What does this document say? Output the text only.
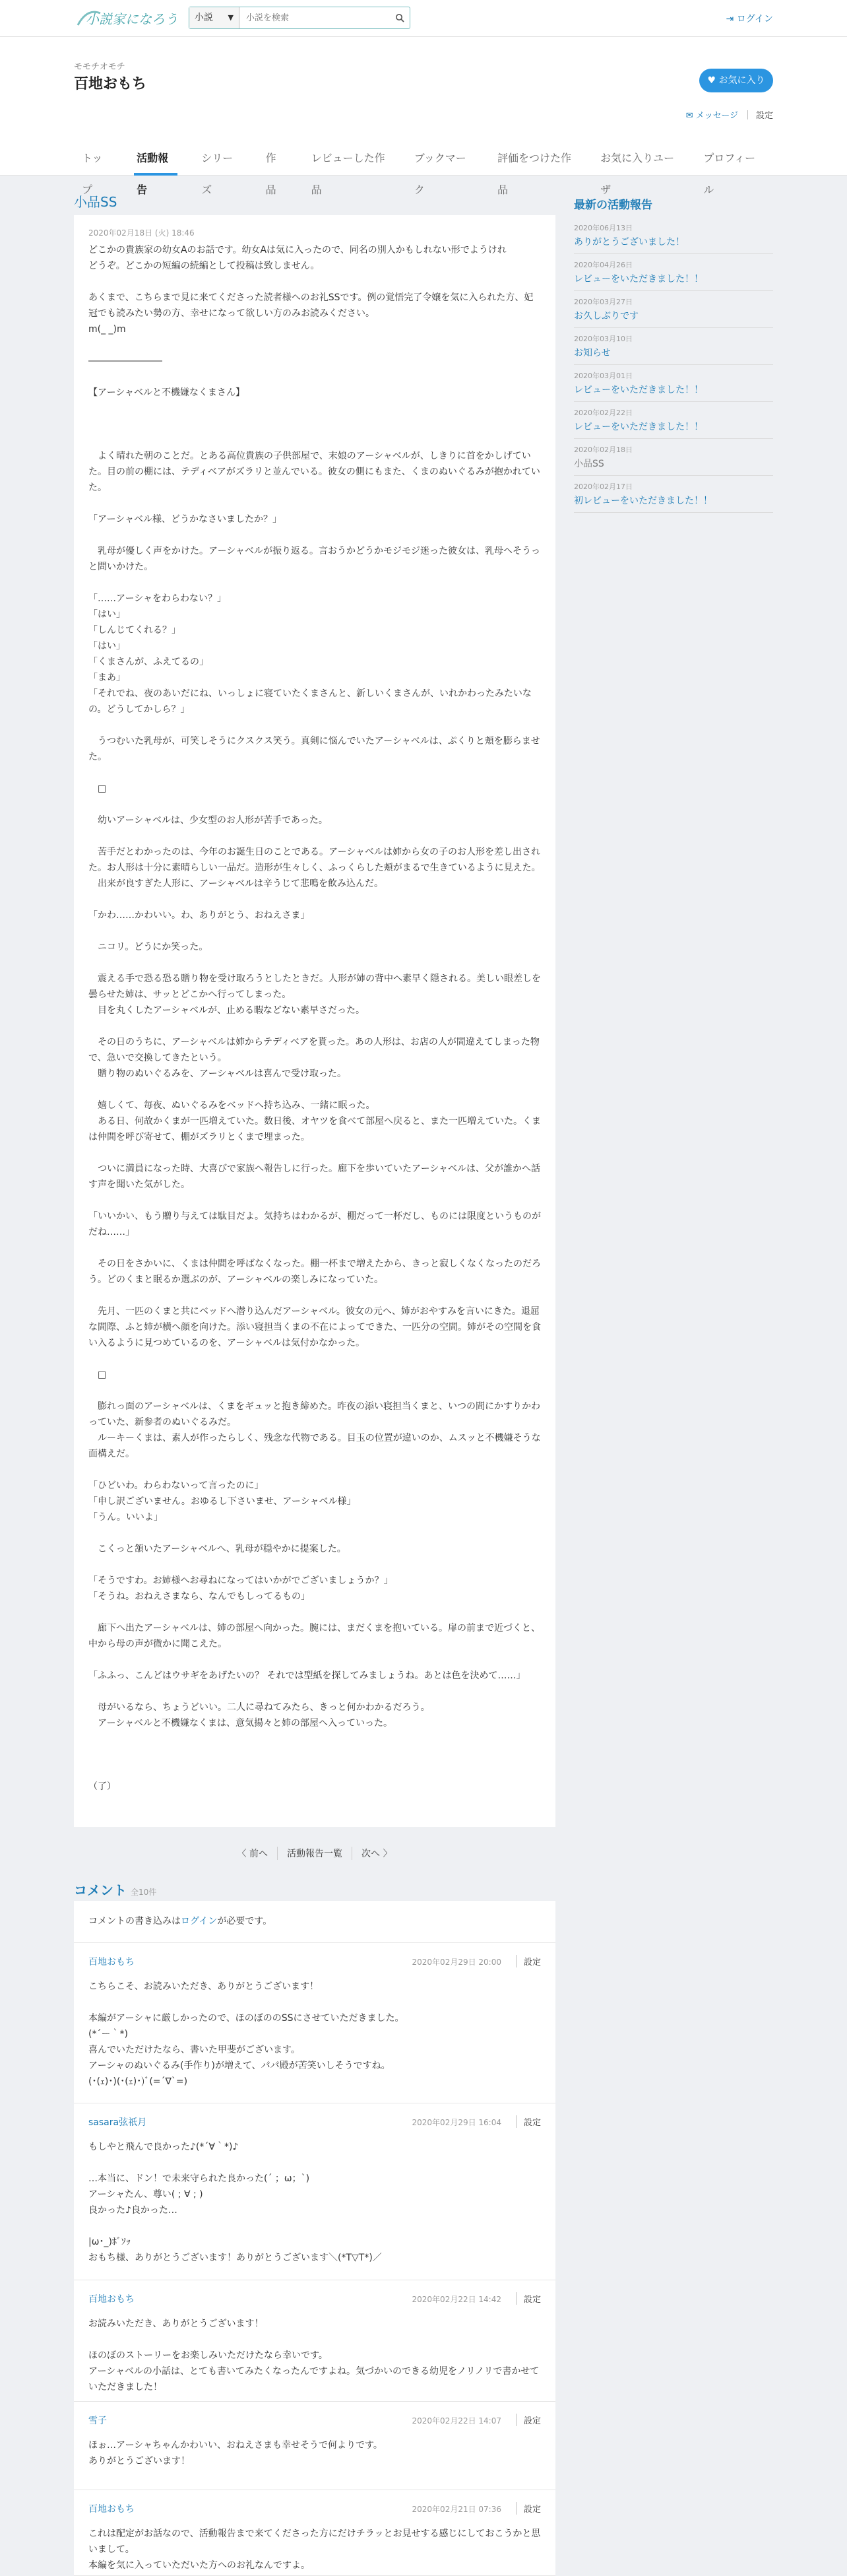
小説家になろう	小説 ▼
小説を検索	⇥ ログイン
モモチオモチ
百地おもち	♥ お気に入り
✉ メッセージ 設定
トップ
活動報告
シリーズ
作品
レビューした作品
ブックマーク
評価をつけた作品
お気に入りユーザ
プロフィール
小品SS
2020年02月18日 (火) 18:46
どこかの貴族家の幼女Aのお話です。幼女Aは気に入ったので、同名の別人かもしれない形でようけれ
どうぞ。どこかの短編の続編として投稿は致しません。

あくまで、こちらまで見に来てくださった読者様へのお礼SSです。例の覚悟完了令嬢を気に入られた方、妃冠でも読みたい勢の方、幸せになって欲しい方のみお読みください。
m(_ _)m

――――――――

【アーシャベルと不機嫌なくまさん】

　よく晴れた朝のことだ。とある高位貴族の子供部屋で、末娘のアーシャベルが、しきりに首をかしげていた。目の前の棚には、テディベアがズラリと並んでいる。彼女の側にもまた、くまのぬいぐるみが抱かれていた。

「アーシャベル様、どうかなさいましたか？」

　乳母が優しく声をかけた。アーシャベルが振り返る。言おうかどうかモジモジ迷った彼女は、乳母へそうっと問いかけた。

「……アーシャをわらわない？」
「はい」
「しんじてくれる？」
「はい」
「くまさんが、ふえてるの」
「まあ」
「それでね、夜のあいだにね、いっしょに寝ていたくまさんと、新しいくまさんが、いれかわったみたいなの。どうしてかしら？」

　うつむいた乳母が、可笑しそうにクスクス笑う。真剣に悩んでいたアーシャベルは、ぷくりと頬を膨らませた。

　□

　幼いアーシャベルは、少女型のお人形が苦手であった。

　苦手だとわかったのは、今年のお誕生日のことである。アーシャベルは姉から女の子のお人形を差し出された。お人形は十分に素晴らしい一品だ。造形が生々しく、ふっくらした頬がまるで生きているように見えた。
　出来が良すぎた人形に、アーシャベルは辛うじて悲鳴を飲み込んだ。

「かわ……かわいい。わ、ありがとう、おねえさま」

　ニコリ。どうにか笑った。

　震える手で恐る恐る贈り物を受け取ろうとしたときだ。人形が姉の背中へ素早く隠される。美しい眼差しを曇らせた姉は、サッとどこかへ行ってしまった。
　目を丸くしたアーシャベルが、止める暇などない素早さだった。

　その日のうちに、アーシャベルは姉からテディベアを貰った。あの人形は、お店の人が間違えてしまった物で、急いで交換してきたという。
　贈り物のぬいぐるみを、アーシャベルは喜んで受け取った。

　嬉しくて、毎夜、ぬいぐるみをベッドへ持ち込み、一緒に眠った。
　ある日、何故かくまが一匹増えていた。数日後、オヤツを食べて部屋へ戻ると、また一匹増えていた。くまは仲間を呼び寄せて、棚がズラリとくまで埋まった。

　ついに満員になった時、大喜びで家族へ報告しに行った。廊下を歩いていたアーシャベルは、父が誰かへ話す声を聞いた気がした。

「いいかい、もう贈り与えては駄目だよ。気持ちはわかるが、棚だって一杯だし、ものには限度というものがだね……」

　その日をさかいに、くまは仲間を呼ばなくなった。棚一杯まで増えたから、きっと寂しくなくなったのだろう。どのくまと眠るか選ぶのが、アーシャベルの楽しみになっていた。

　先月、一匹のくまと共にベッドへ潜り込んだアーシャベル。彼女の元へ、姉がおやすみを言いにきた。退屈な間際、ふと姉が横へ顔を向けた。添い寝担当くまの不在によってできた、一匹分の空間。姉がその空間を食い入るように見つめているのを、アーシャベルは気付かなかった。

　□

　膨れっ面のアーシャベルは、くまをギュッと抱き締めた。昨夜の添い寝担当くまと、いつの間にかすりかわっていた、新参者のぬいぐるみだ。
　ルーキーくまは、素人が作ったらしく、残念な代物である。目玉の位置が違いのか、ムスッと不機嫌そうな面構えだ。

「ひどいわ。わらわないって言ったのに」
「申し訳ございません。おゆるし下さいませ、アーシャベル様」
「うん。いいよ」

　こくっと頷いたアーシャベルへ、乳母が穏やかに提案した。

「そうですわ。お姉様へお尋ねになってはいかがでございましょうか？」
「そうね。おねえさまなら、なんでもしってるもの」

　廊下へ出たアーシャベルは、姉の部屋へ向かった。腕には、まだくまを抱いている。扉の前まで近づくと、中から母の声が微かに聞こえた。

「ふふっ、こんどはウサギをあげたいの？ それでは型紙を探してみましょうね。あとは色を決めて……」

　母がいるなら、ちょうどいい。二人に尋ねてみたら、きっと何かわかるだろう。
　アーシャベルと不機嫌なくまは、意気揚々と姉の部屋へ入っていった。

（了）
〈 前へ	活動報告一覧	次へ 〉
コメント 全10件
コメントの書き込みはログインが必要です。
百地おもち	2020年02月29日 20:00	設定
こちらこそ、お読みいただき、ありがとうございます！

本編がアーシャに厳しかったので、ほのぼののSSにさせていただきました。
(*´ー｀*)
喜んでいただけたなら、書いた甲斐がございます。
アーシャのぬいぐるみ(手作り)が増えて、パパ殿が苦笑いしそうですね。
(･(ｪ)･)(･(ｪ)･)ﾞ(=´∇`=)
sasara弦祇月	2020年02月29日 16:04	設定
もしやと飛んで良かった♪(*´∀｀*)♪

…本当に、ドン！で未来守られた良かった(´ ；ω；`)
アーシャたん、尊い( ; ∀ ; )
良かった♪良かった…

|ω･_)ﾎﾞｿｯ
おもち様、ありがとうございます！ありがとうございます＼(*T▽T*)／
百地おもち	2020年02月22日 14:42	設定
お読みいただき、ありがとうございます！

ほのぼのストーリーをお楽しみいただけたなら幸いです。
アーシャベルの小話は、とても書いてみたくなったんですよね。気づかいのできる幼児をノリノリで書かせていただきました！
雪子	2020年02月22日 14:07	設定
ほぉ…アーシャちゃんかわいい、おねえさまも幸せそうで何よりです。
ありがとうございます！
百地おもち	2020年02月21日 07:36	設定
これは配定がお話なので、活動報告まで来てくださった方にだけチラッとお見せする感じにしておこうかと思いまして。
本編を気に入っていただいた方へのお礼なんですよ。
最新の活動報告
2020年06月13日
ありがとうございました！
2020年04月26日
レビューをいただきました！！
2020年03月27日
お久しぶりです
2020年03月10日
お知らせ
2020年03月01日
レビューをいただきました！！
2020年02月22日
レビューをいただきました！！
2020年02月18日
小品SS
2020年02月17日
初レビューをいただきました！！
